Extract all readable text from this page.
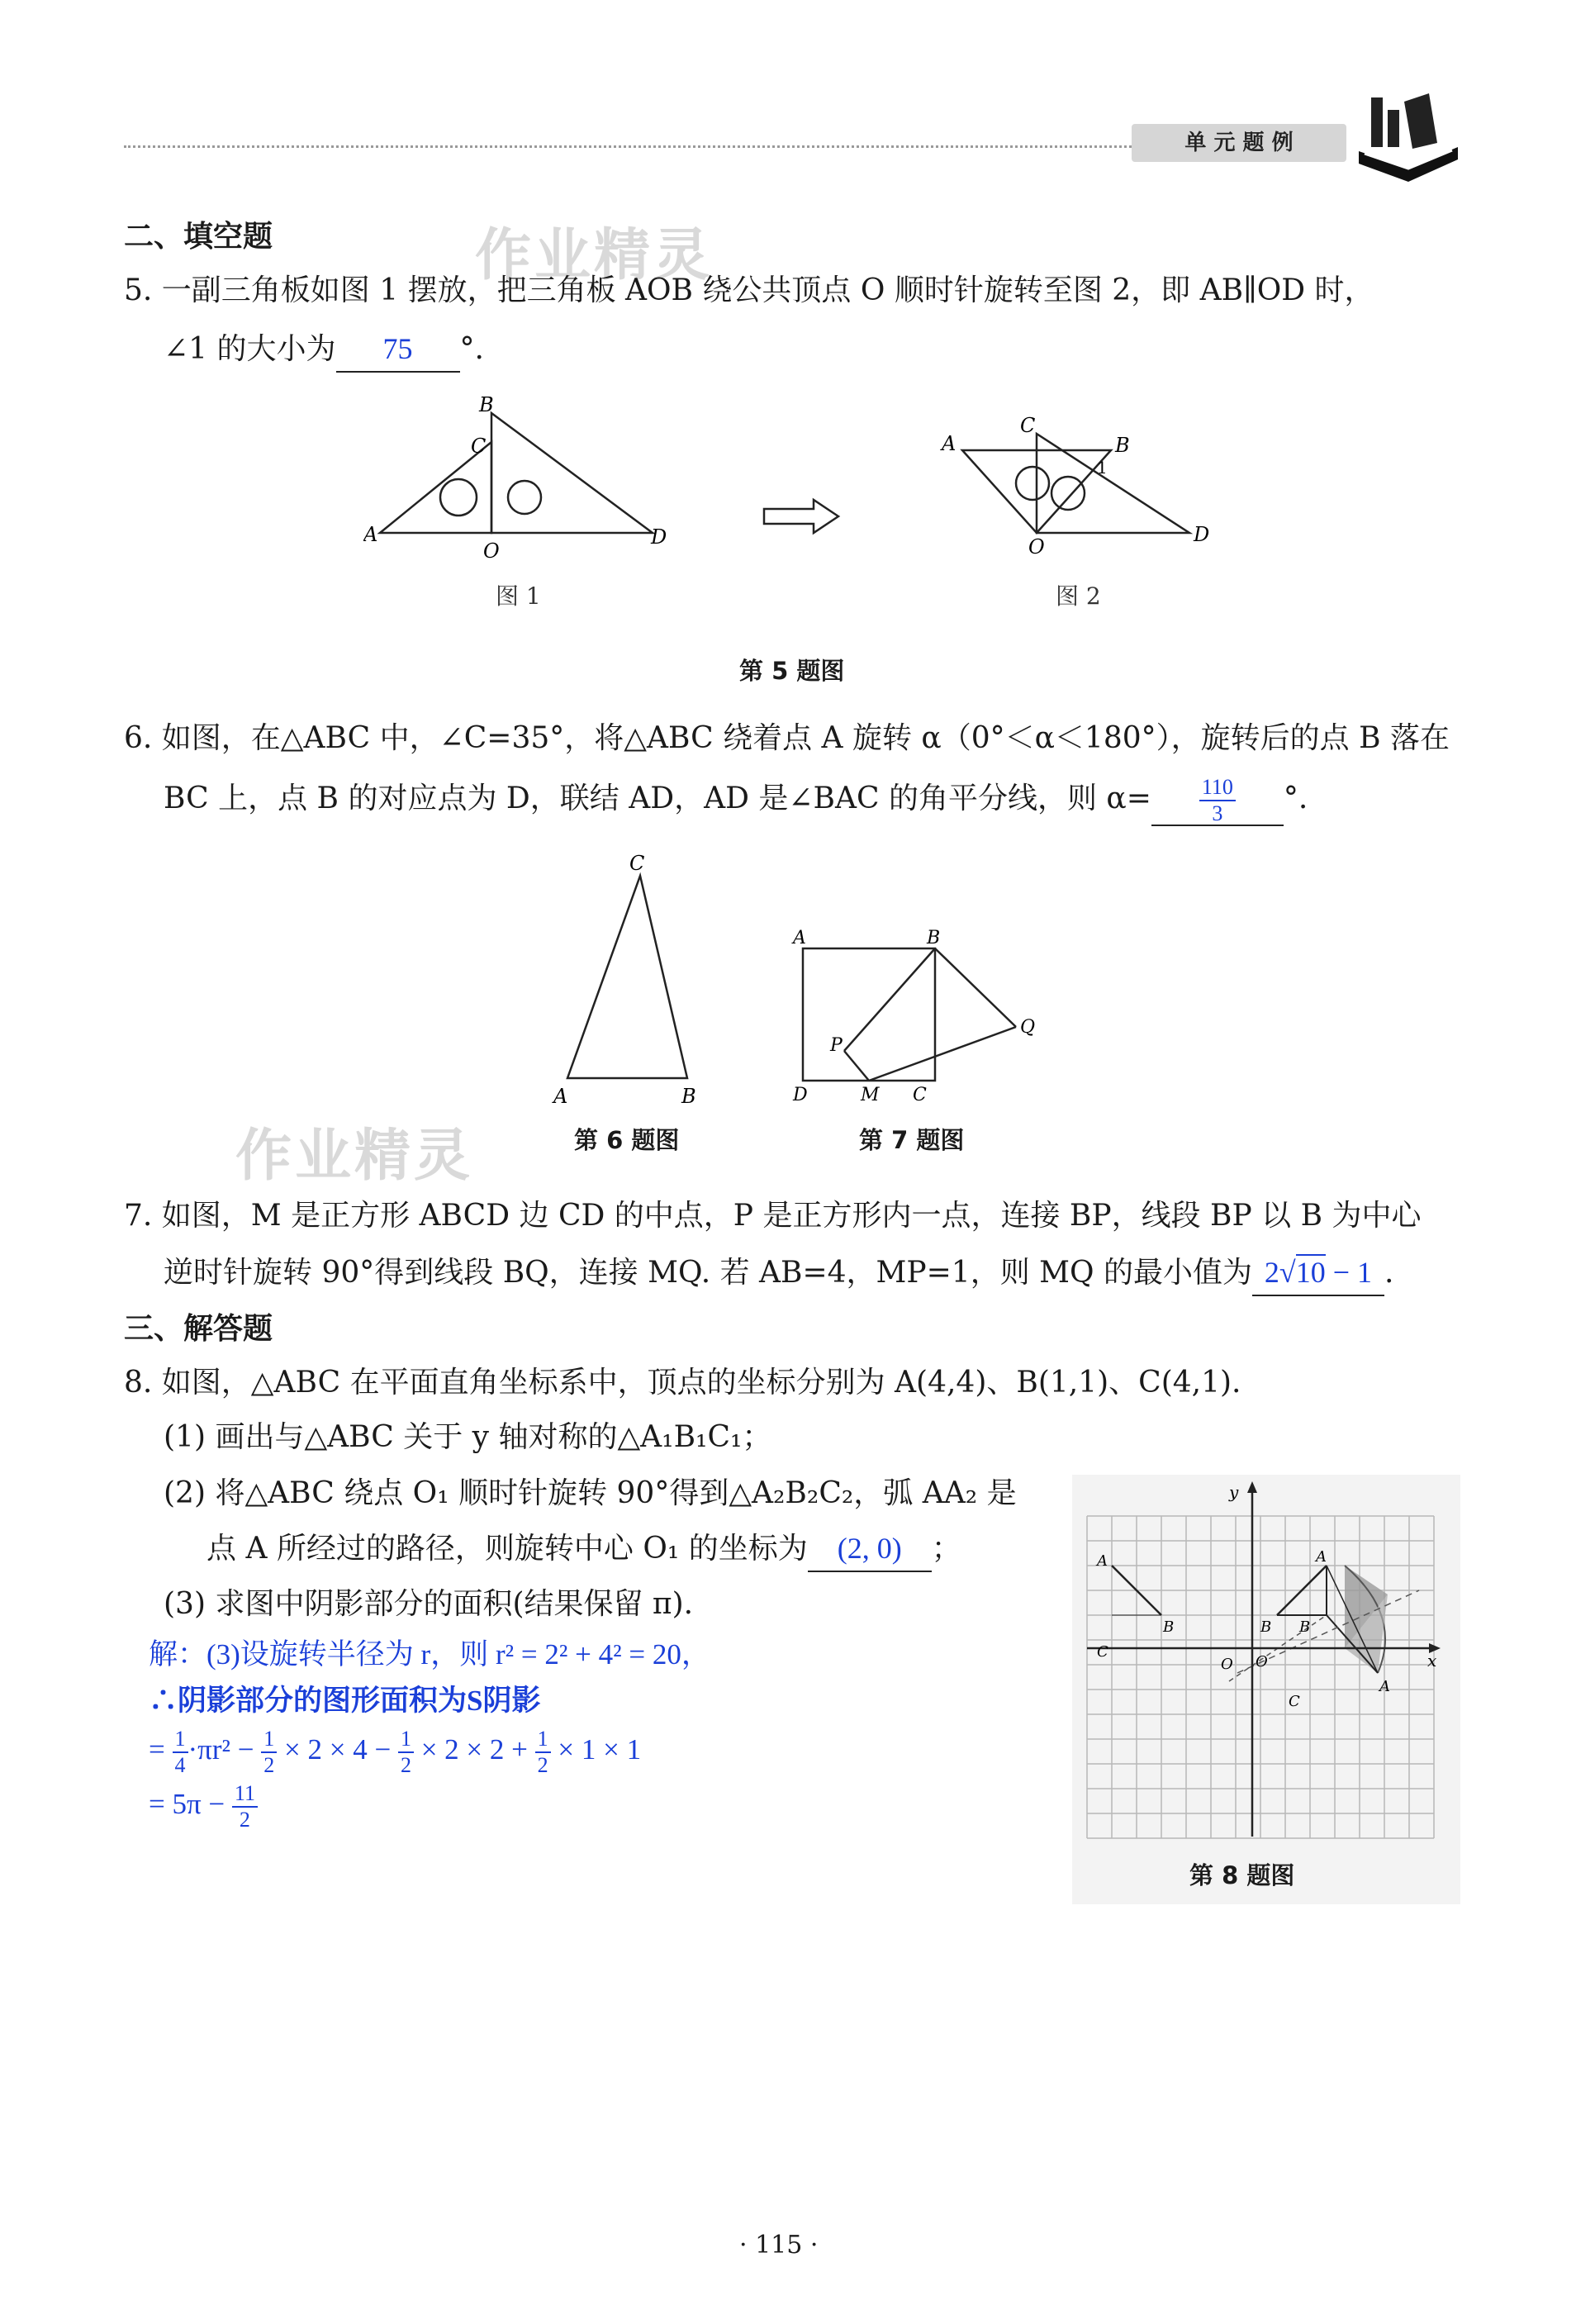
单 元 题 例
作业精灵
作业精灵
二、填空题
5. 一副三角板如图 1 摆放，把三角板 AOB 绕公共顶点 O 顺时针旋转至图 2，即 AB∥OD 时，
∠1 的大小为 75 °.
A
B
C
O
D
A
C
B
1
O
D
图 1	图 2
第 5 题图
6. 如图，在△ABC 中，∠C=35°，将△ABC 绕着点 A 旋转 α（0°＜α＜180°），旋转后的点 B 落在
BC 上，点 B 的对应点为 D，联结 AD，AD 是∠BAC 的角平分线，则 $\alpha= \frac{110}{3}$ °.
C
A	B
A	B
P
Q
D	M C
第 6 题图	第 7 题图
7. 如图，M 是正方形 ABCD 边 CD 的中点，P 是正方形内一点，连接 BP，线段 BP 以 B 为中心
逆时针旋转 90°得到线段 BQ，连接 MQ. 若 AB=4，MP=1，则 MQ 的最小值为 2√10 − 1 .
三、解答题
8. 如图，△ABC 在平面直角坐标系中，顶点的坐标分别为 A(4,4)、B(1,1)、C(4,1).
(1) 画出与△ABC 关于 y 轴对称的△A₁B₁C₁；
(2) 将△ABC 绕点 O₁ 顺时针旋转 90°得到△A₂B₂C₂，弧 AA₂ 是
点 A 所经过的路径，则旋转中心 O₁ 的坐标为 (2, 0) ；
(3) 求图中阴影部分的面积(结果保留 π).
解：(3)设旋转半径为 r，则 r² = 2² + 4² = 20，
∴阴影部分的图形面积为S阴影
= $\frac{1}{4} \cdot\pi r^2 - \frac{1}{2} \times 2 \times 4 - \frac{1}{2} \times 2 \times 2 + \frac{1}{2} \times 1 \times 1$
= $5\pi - \frac{11}{2}$
y
x
A
B
C
B
A
B
O O
C
A
第 8 题图
· 115 ·
